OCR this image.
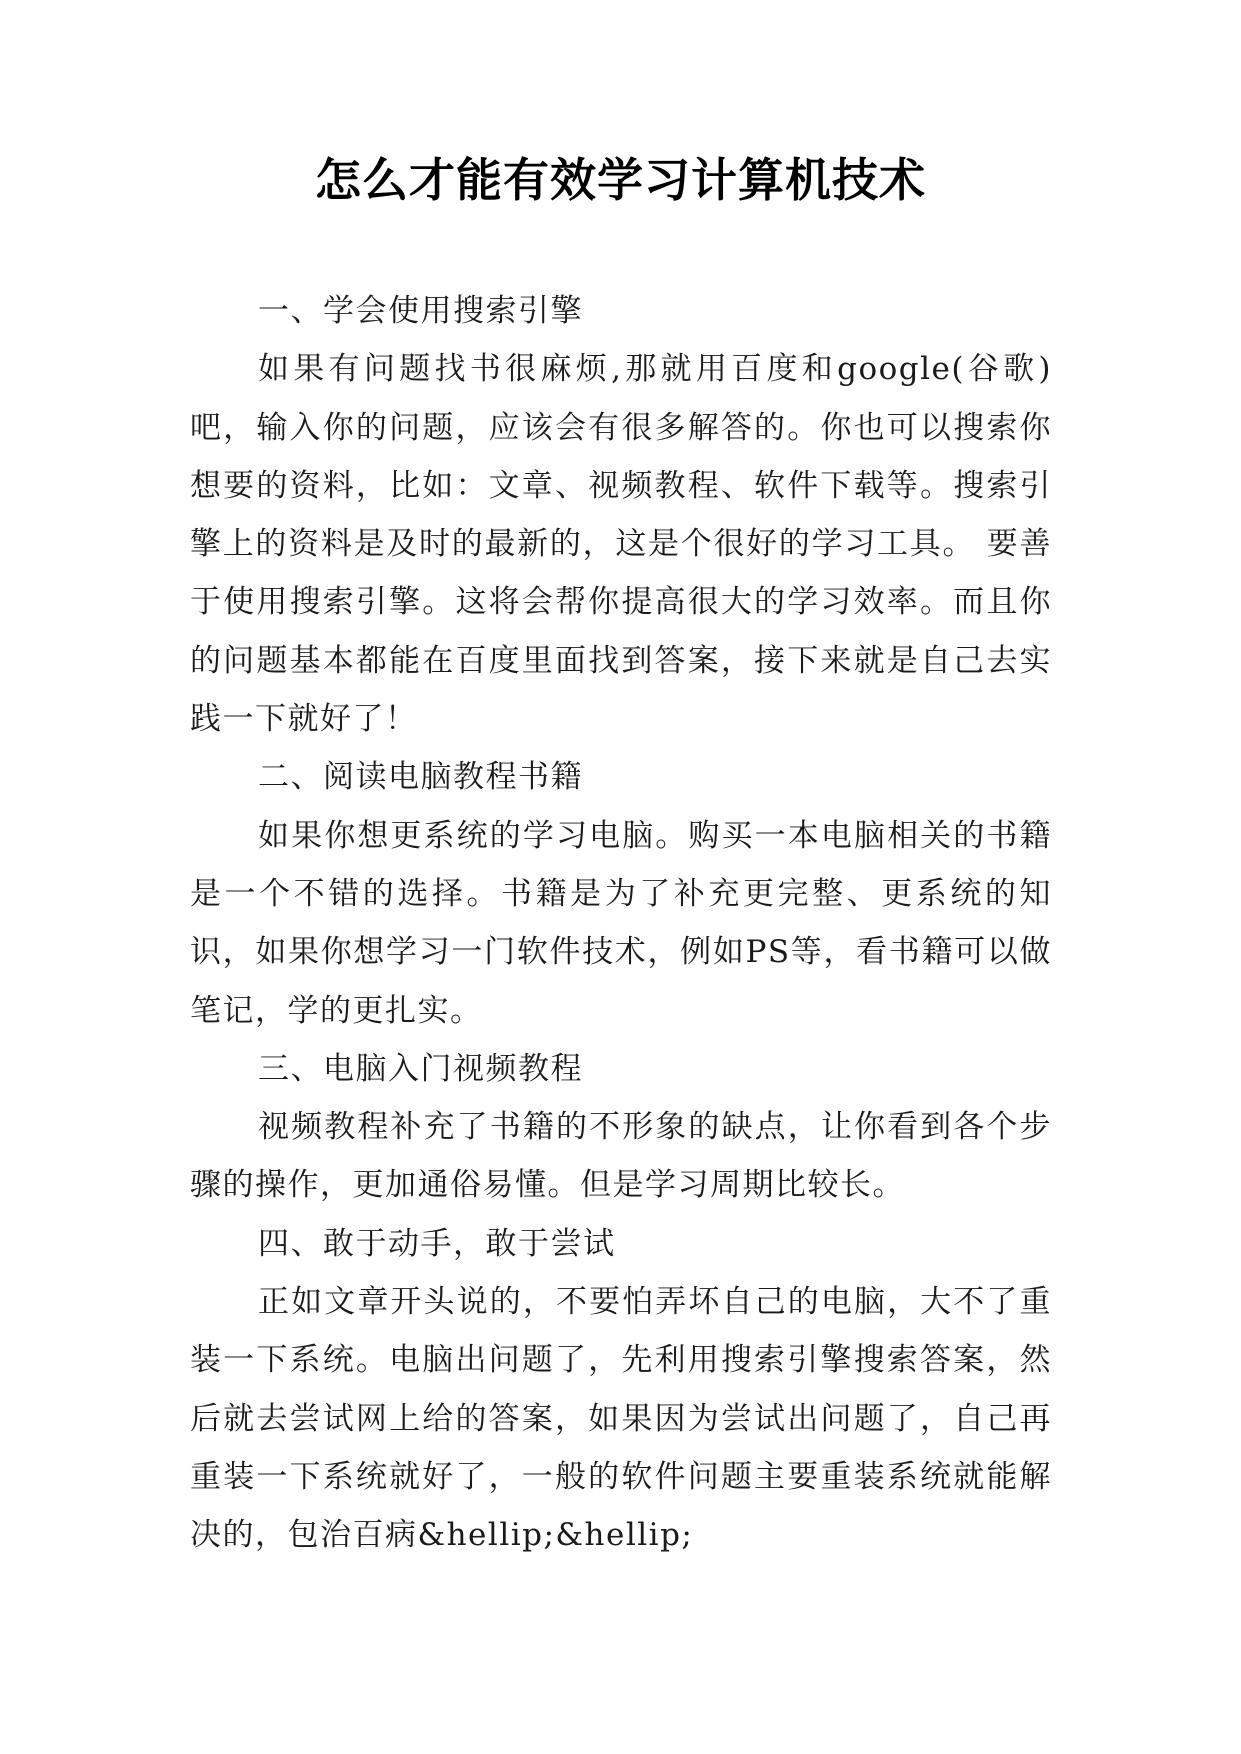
怎么才能有效学习计算机技术

一、学会使用搜索引擎

如果有问题找书很麻烦,那就用百度和google(谷歌)吧，输入你的问题，应该会有很多解答的。你也可以搜索你想要的资料，比如：文章、视频教程、软件下载等。搜索引擎上的资料是及时的最新的，这是个很好的学习工具。 要善于使用搜索引擎。这将会帮你提高很大的学习效率。而且你的问题基本都能在百度里面找到答案，接下来就是自己去实践一下就好了！

二、阅读电脑教程书籍

如果你想更系统的学习电脑。购买一本电脑相关的书籍是一个不错的选择。书籍是为了补充更完整、更系统的知识，如果你想学习一门软件技术，例如PS等，看书籍可以做笔记，学的更扎实。

三、电脑入门视频教程

视频教程补充了书籍的不形象的缺点，让你看到各个步骤的操作，更加通俗易懂。但是学习周期比较长。

四、敢于动手，敢于尝试

正如文章开头说的，不要怕弄坏自己的电脑，大不了重装一下系统。电脑出问题了，先利用搜索引擎搜索答案，然后就去尝试网上给的答案，如果因为尝试出问题了，自己再重装一下系统就好了，一般的软件问题主要重装系统就能解决的，包治百病&hellip;&hellip;
